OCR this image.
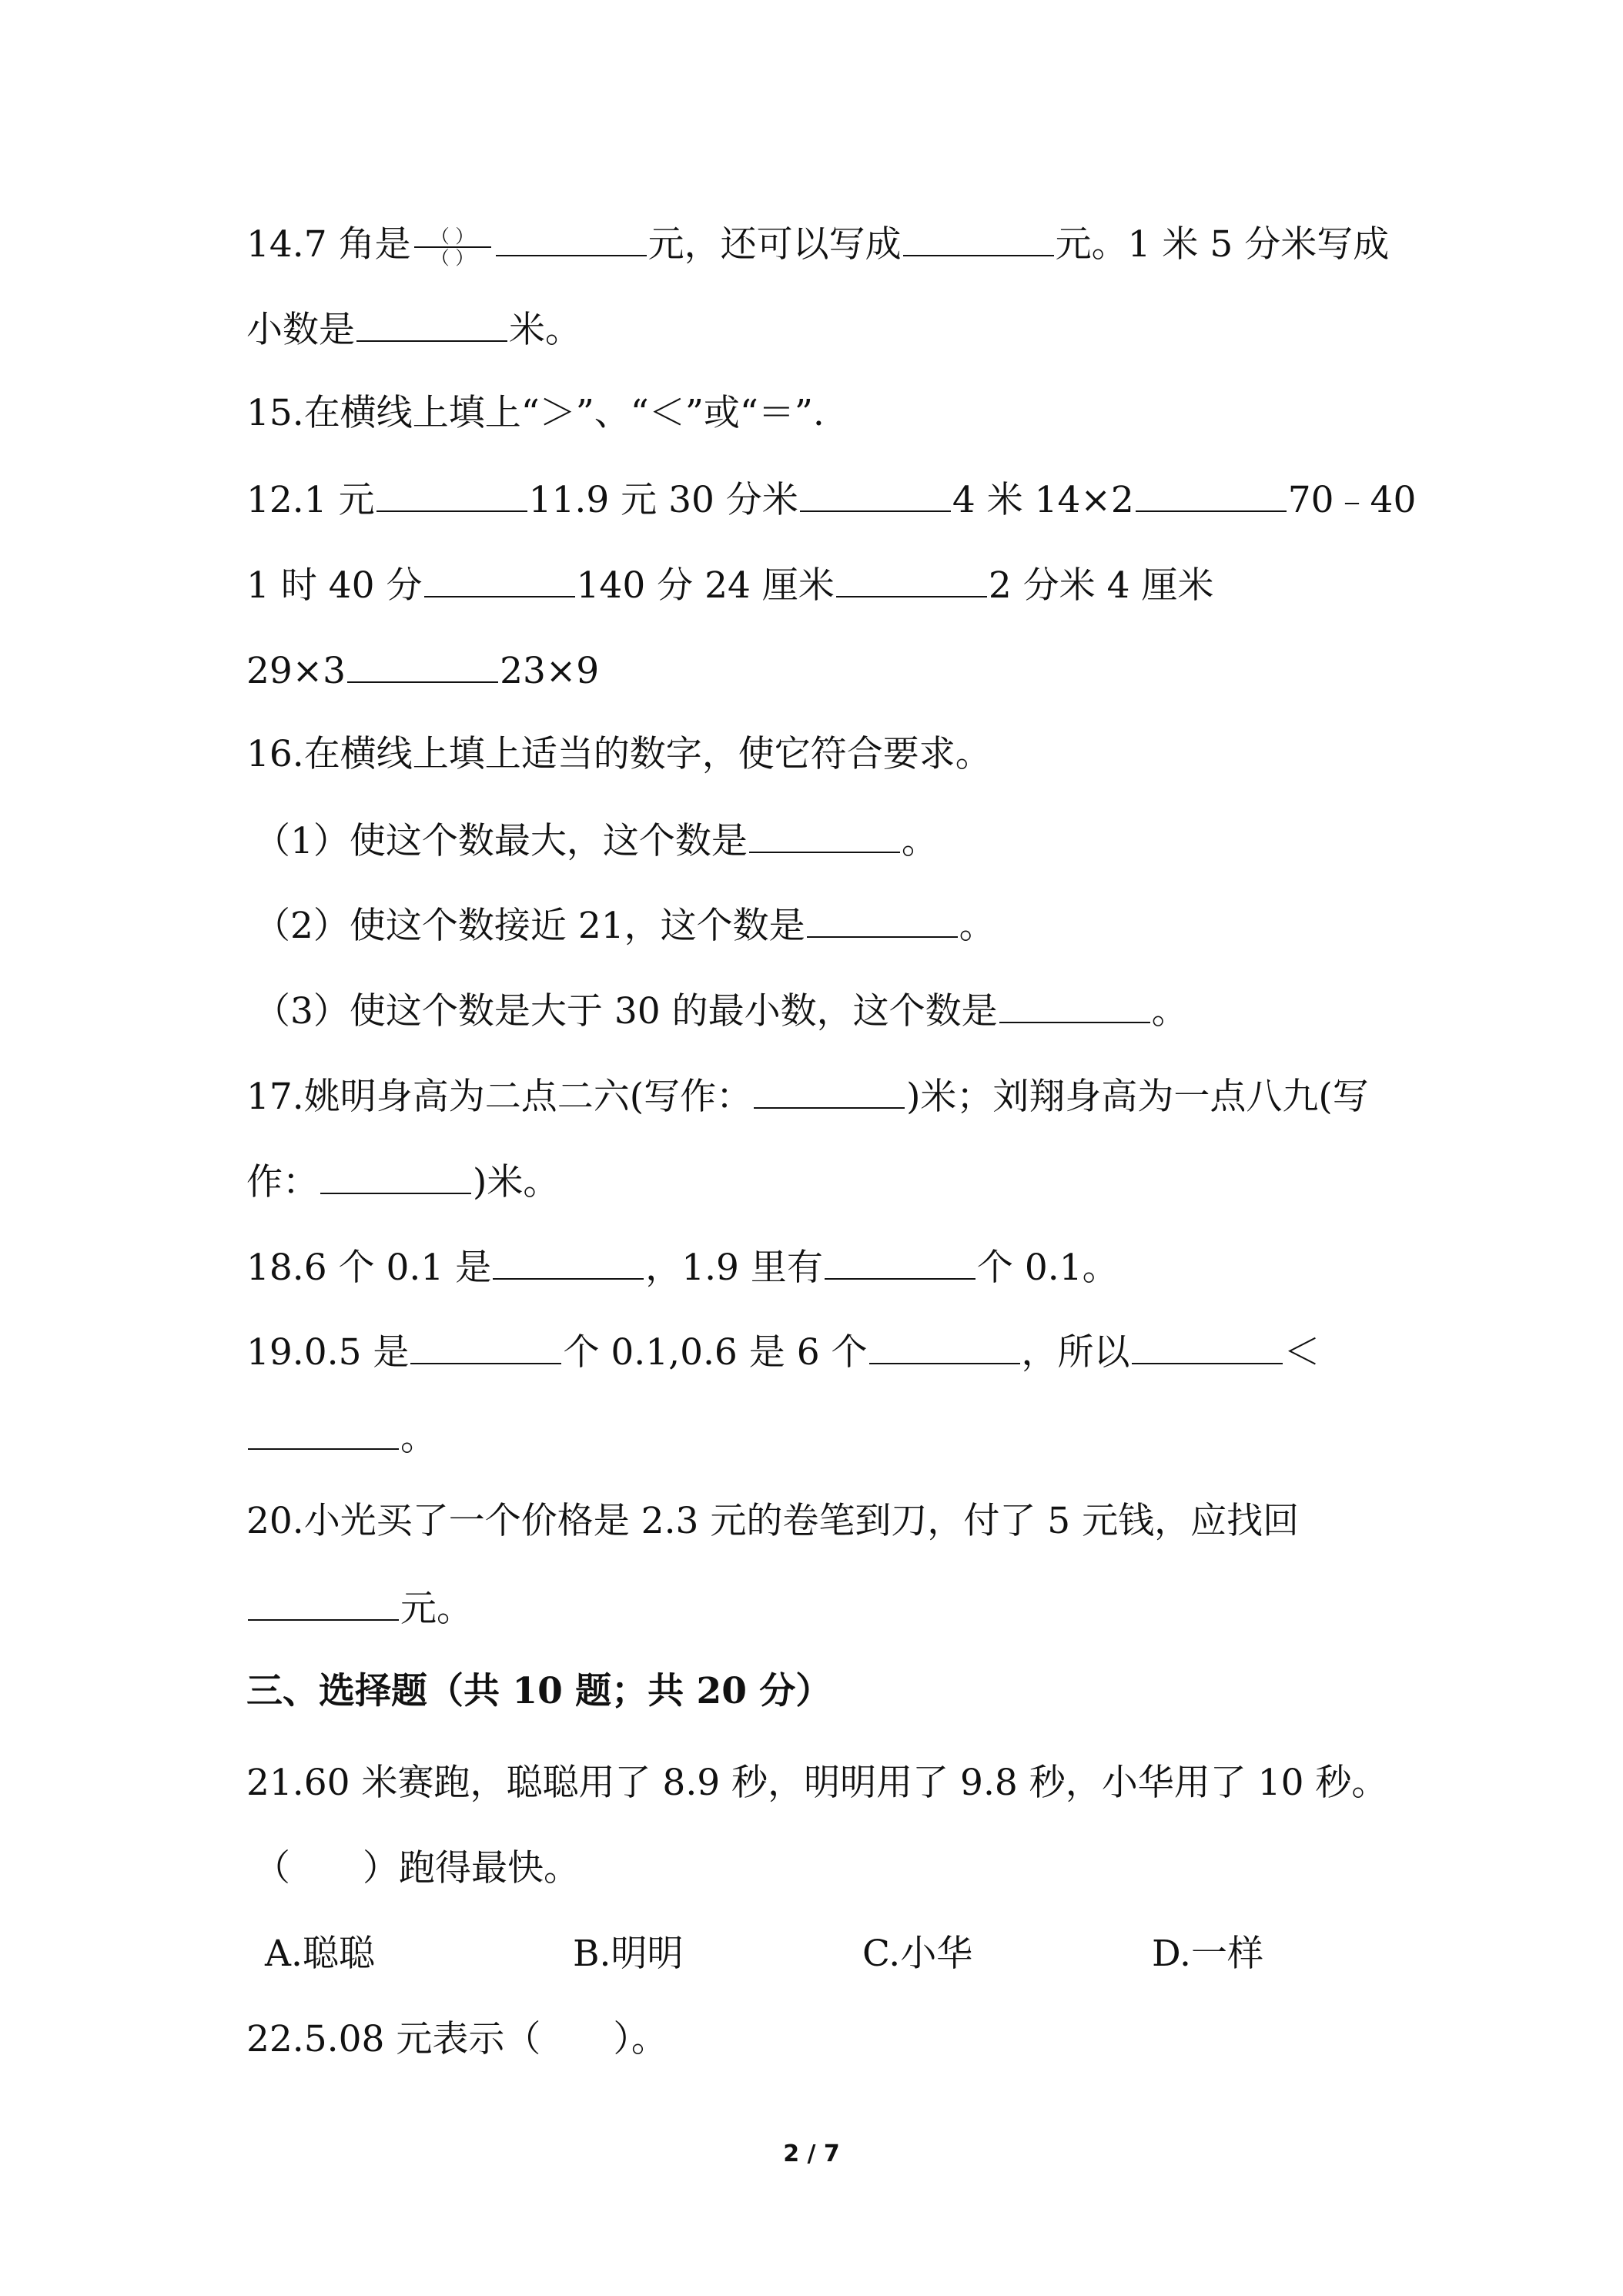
14.7 角是 $\frac{( )}{( )}$	元，还可以写成	元。1 米 5 分米写成
小数是	米。
15.在横线上填上“＞”、“＜”或“＝”.
12.1 元	11.9 元 30 分米	4 米 14×2	70﹣40
1 时 40 分	140 分 24 厘米	2 分米 4 厘米
29×3	23×9
16.在横线上填上适当的数字，使它符合要求。
（1）使这个数最大，这个数是	。
（2）使这个数接近 21，这个数是	。
（3）使这个数是大于 30 的最小数，这个数是	。
17.姚明身高为二点二六(写作：	)米；刘翔身高为一点八九(写
作：	)米。
18.6 个 0.1 是	，1.9 里有	个 0.1。
19.0.5 是	个 0.1,0.6 是 6 个	，所以	＜
。
20.小光买了一个价格是 2.3 元的卷笔到刀，付了 5 元钱，应找回
元。
三、选择题（共 10 题；共 20 分）
21.60 米赛跑，聪聪用了 8.9 秒，明明用了 9.8 秒，小华用了 10 秒。
（　　）跑得最快。
A.聪聪	B.明明	C.小华	D.一样
22.5.08 元表示（　　）。
2 / 7
